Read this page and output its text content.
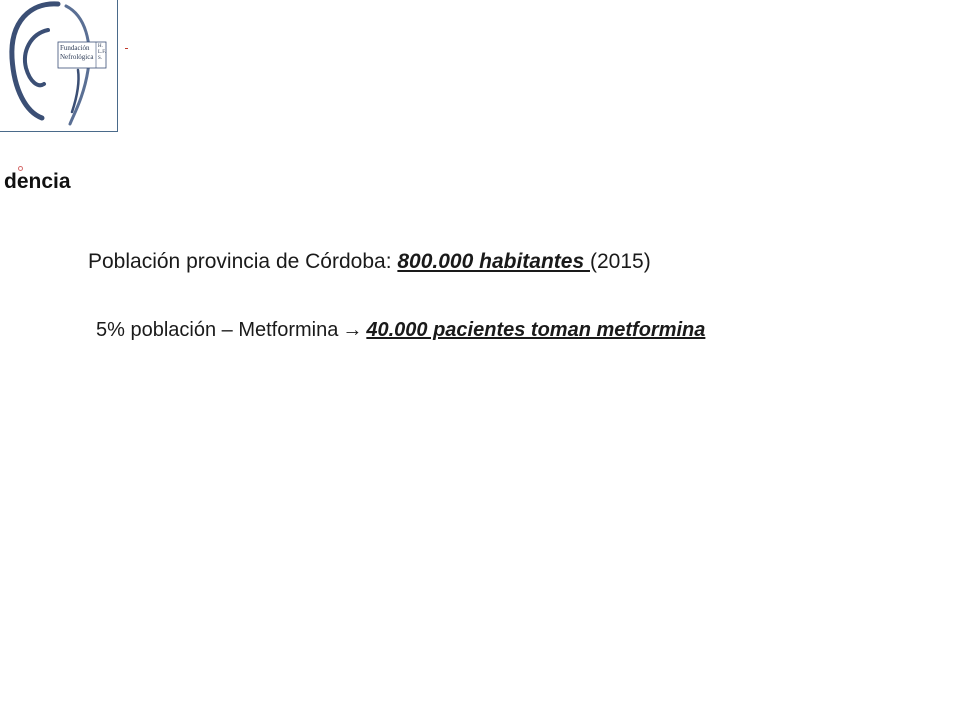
Fundación
Nefrológica
H.L.F.S.
dencia
Población provincia de Córdoba: 800.000 habitantes (2015)
5% población – Metformina → 40.000 pacientes toman metformina
